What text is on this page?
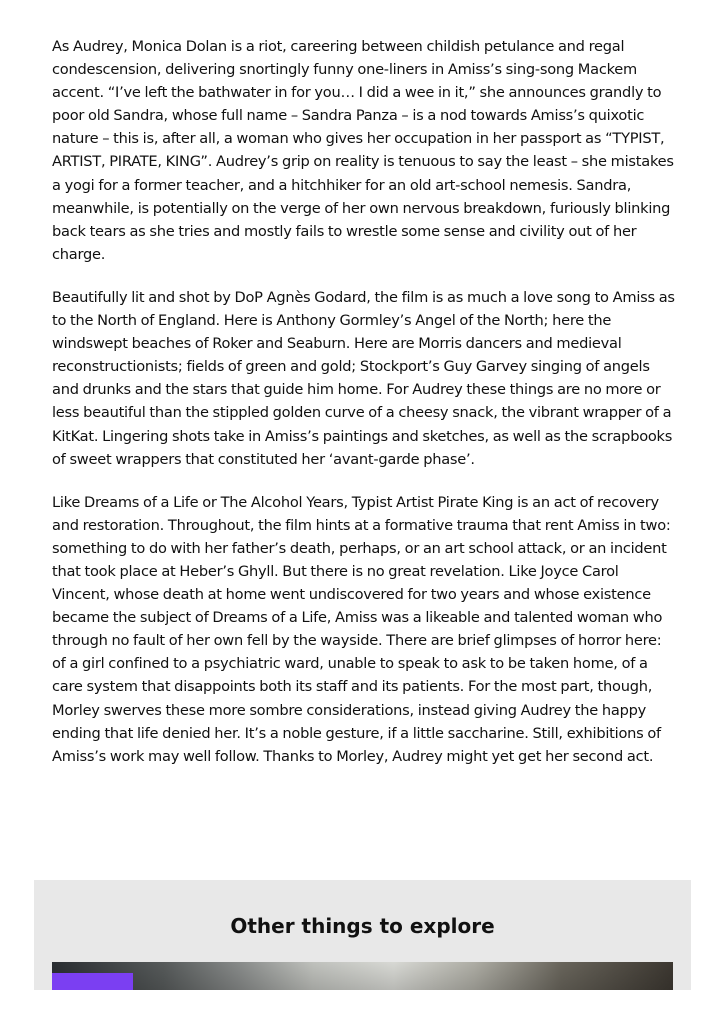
As Audrey, Monica Dolan is a riot, careering between childish petulance and regal condescension, delivering snortingly funny one-liners in Amiss’s sing-song Mackem accent. “I’ve left the bathwater in for you… I did a wee in it,” she announces grandly to poor old Sandra, whose full name – Sandra Panza – is a nod towards Amiss’s quixotic nature – this is, after all, a woman who gives her occupation in her passport as “TYPIST, ARTIST, PIRATE, KING”. Audrey’s grip on reality is tenuous to say the least – she mistakes a yogi for a former teacher, and a hitchhiker for an old art-school nemesis. Sandra, meanwhile, is potentially on the verge of her own nervous breakdown, furiously blinking back tears as she tries and mostly fails to wrestle some sense and civility out of her charge.

Beautifully lit and shot by DoP Agnès Godard, the film is as much a love song to Amiss as to the North of England. Here is Anthony Gormley’s Angel of the North; here the windswept beaches of Roker and Seaburn. Here are Morris dancers and medieval reconstructionists; fields of green and gold; Stockport’s Guy Garvey singing of angels and drunks and the stars that guide him home. For Audrey these things are no more or less beautiful than the stippled golden curve of a cheesy snack, the vibrant wrapper of a KitKat. Lingering shots take in Amiss’s paintings and sketches, as well as the scrapbooks of sweet wrappers that constituted her ‘avant-garde phase’.

Like Dreams of a Life or The Alcohol Years, Typist Artist Pirate King is an act of recovery and restoration. Throughout, the film hints at a formative trauma that rent Amiss in two: something to do with her father’s death, perhaps, or an art school attack, or an incident that took place at Heber’s Ghyll. But there is no great revelation. Like Joyce Carol Vincent, whose death at home went undiscovered for two years and whose existence became the subject of Dreams of a Life, Amiss was a likeable and talented woman who through no fault of her own fell by the wayside. There are brief glimpses of horror here: of a girl confined to a psychiatric ward, unable to speak to ask to be taken home, of a care system that disappoints both its staff and its patients. For the most part, though, Morley swerves these more sombre considerations, instead giving Audrey the happy ending that life denied her. It’s a noble gesture, if a little saccharine. Still, exhibitions of Amiss’s work may well follow. Thanks to Morley, Audrey might yet get her second act.

Other things to explore
